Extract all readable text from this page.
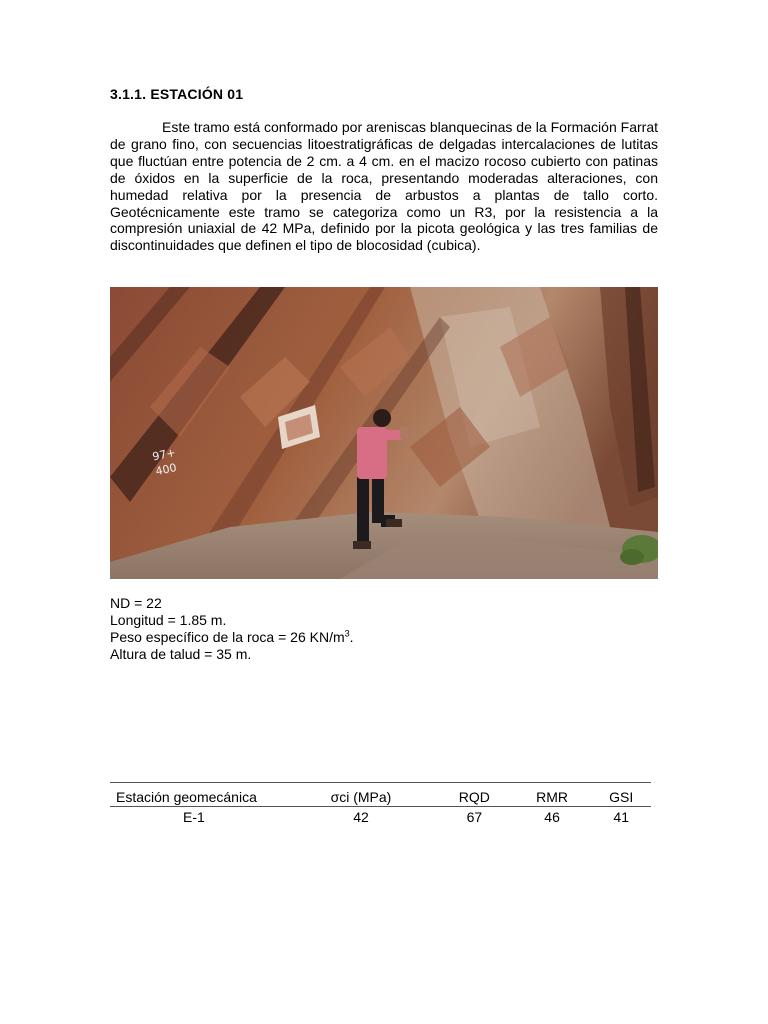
3.1.1. ESTACIÓN 01

Este tramo está conformado por areniscas blanquecinas de la Formación Farrat de grano fino, con secuencias litoestratigráficas de delgadas intercalaciones de lutitas que fluctúan entre potencia de 2 cm. a 4 cm. en el macizo rocoso cubierto con patinas de óxidos en la superficie de la roca, presentando moderadas alteraciones, con humedad relativa por la presencia de arbustos a plantas de tallo corto. Geotécnicamente este tramo se categoriza como un R3, por la resistencia a la compresión uniaxial de 42 MPa, definido por la picota geológica y las tres familias de discontinuidades que definen el tipo de blocosidad (cubica).

97+
400
ND = 22
Longitud = 1.85 m.
Peso específico de la roca = 26 $KN/m^3$.
Altura de talud = 35 m.
Estación geomecánica	σci (MPa)	RQD	RMR	GSI
E-1	42	67	46	41
